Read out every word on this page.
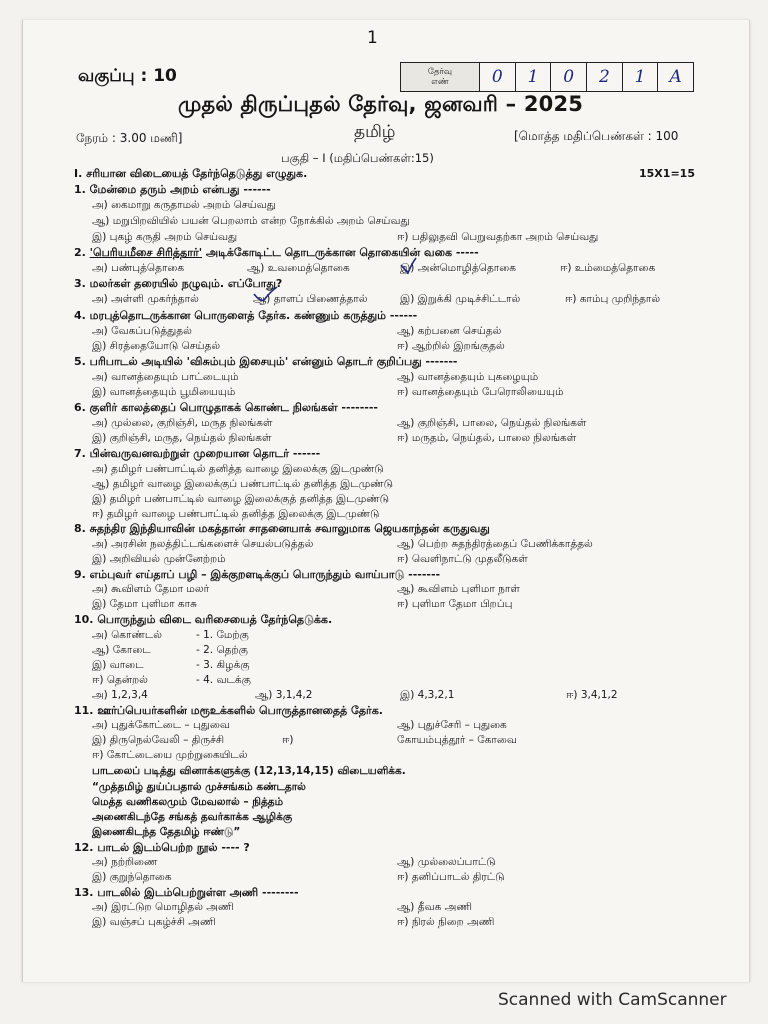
1
வகுப்பு : 10	தேர்வு
எண்	0	1	0	2	1	A
முதல் திருப்புதல் தேர்வு, ஜனவரி – 2025
நேரம் : 3.00 மணி]	தமிழ்	[மொத்த மதிப்பெண்கள் : 100
பகுதி – I (மதிப்பெண்கள்:15)
I. சரியான விடையைத் தேர்ந்தெடுத்து எழுதுக.	15X1=15
1. மேன்மை தரும் அறம் என்பது ------
அ) கைமாறு கருதாமல் அறம் செய்வது
ஆ) மறுபிறவியில் பயன் பெறலாம் என்ற நோக்கில் அறம் செய்வது
இ) புகழ் கருதி அறம் செய்வது	ஈ) பதிலுதவி பெறுவதற்கா அறம் செய்வது
2. 'பெரியமீசை சிரித்தார்' அடிக்கோடிட்ட தொடருக்கான தொகையின் வகை -----
அ) பண்புத்தொகை	ஆ) உவமைத்தொகை	இ) அன்மொழித்தொகை	ஈ) உம்மைத்தொகை
3. மலர்கள் தரையில் நழுவும். எப்போது?
அ) அள்ளி முகர்ந்தால்	ஆ) தாளப் பிணைத்தால்	இ) இறுக்கி முடிச்சிட்டால்	ஈ) காம்பு முறிந்தால்
4. மரபுத்தொடருக்கான பொருளைத் தேர்க. கண்ணும் கருத்தும் ------
அ) வேகப்படுத்துதல்	ஆ) கற்பனை செய்தல்
இ) சிரத்தையோடு செய்தல்	ஈ) ஆற்றில் இறங்குதல்
5. பரிபாடல் அடியில் 'விசும்பும் இசையும்' என்னும் தொடர் குறிப்பது -------
அ) வானத்தையும் பாட்டையும்	ஆ) வானத்தையும் புகழையும்
இ) வானத்தையும் பூமியையும்	ஈ) வானத்தையும் பேரொலியையும்
6. குளிர் காலத்தைப் பொழுதாகக் கொண்ட நிலங்கள் --------
அ) முல்லை, குறிஞ்சி, மருத நிலங்கள்	ஆ) குறிஞ்சி, பாலை, நெய்தல் நிலங்கள்
இ) குறிஞ்சி, மருத, நெய்தல் நிலங்கள்	ஈ) மருதம், நெய்தல், பாலை நிலங்கள்
7. பின்வருவனவற்றுள் முறையான தொடர் ------
அ) தமிழர் பண்பாட்டில் தனித்த வாழை இலைக்கு இடமுண்டு
ஆ) தமிழர் வாழை இலைக்குப் பண்பாட்டில் தனித்த இடமுண்டு
இ) தமிழர் பண்பாட்டில் வாழை இலைக்குத் தனித்த இடமுண்டு
ஈ) தமிழர் வாழை பண்பாட்டில் தனித்த இலைக்கு இடமுண்டு
8. சுதந்திர இந்தியாவின் மகத்தான் சாதனையாக் சவாலுமாக ஜெயகாந்தன் கருதுவது
அ) அரசின் நலத்திட்டங்களைச் செயல்படுத்தல்	ஆ) பெற்ற சுதந்திரத்தைப் பேணிக்காத்தல்
இ) அறிவியல் முன்னேற்றம்	ஈ) வெளிநாட்டு முதலீடுகள்
9. எம்புவர் எய்தாப் பழி – இக்குறளடிக்குப் பொருந்தும் வாய்பாடு -------
அ) கூவிளம் தேமா மலர்	ஆ) கூவிளம் புளிமா நாள்
இ) தேமா புளிமா காசு	ஈ) புளிமா தேமா பிறப்பு
10. பொருந்தும் விடை வரிசையைத் தேர்ந்தெடுக்க.
அ) கொண்டல்	- 1. மேற்கு
ஆ) கோடை	- 2. தெற்கு
இ) வாடை	- 3. கிழக்கு
ஈ) தென்றல்	- 4. வடக்கு
அ) 1,2,3,4	ஆ) 3,1,4,2	இ) 4,3,2,1	ஈ) 3,4,1,2
11. ஊர்ப்பெயர்களின் மரூஉக்களில் பொருத்தானதைத் தேர்க.
அ) புதுக்கோட்டை – புதுவை	ஆ) புதுச்சேரி – புதுகை
இ) திருநெல்வேலி – திருச்சி	ஈ)	கோயம்புத்தூர் – கோவை
ஈ) கோட்டையை முற்றுகையிடல்
பாடலைப் படித்து வினாக்களுக்கு (12,13,14,15) விடையளிக்க.
“முத்தமிழ் துய்ப்பதால் முச்சங்கம் கண்டதால்
மெத்த வணிகலமும் மேவலால் – நித்தம்
அணைகிடந்தே சங்கத் தவர்காக்க ஆழிக்கு
இணைகிடந்த தேதமிழ் ஈண்டு”
12. பாடல் இடம்பெற்ற நூல் ---- ?
அ) நற்றிணை	ஆ) முல்லைப்பாட்டு
இ) குறுந்தொகை	ஈ) தனிப்பாடல் திரட்டு
13. பாடலில் இடம்பெற்றுள்ள அணி --------
அ) இரட்டுற மொழிதல் அணி	ஆ) தீவக அணி
இ) வஞ்சப் புகழ்ச்சி அணி	ஈ) நிரல் நிறை அணி
Scanned with CamScanner
